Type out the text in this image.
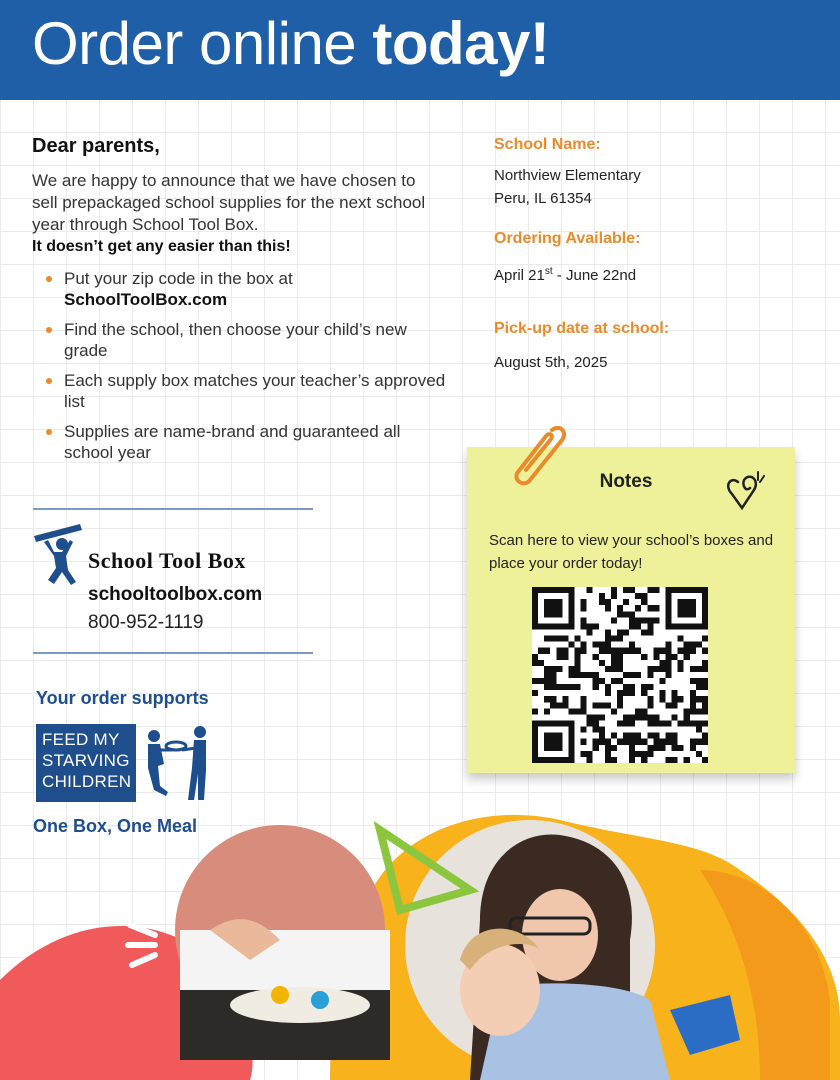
Order online today!
Dear parents,
We are happy to announce that we have chosen to sell prepackaged school supplies for the next school year through School Tool Box.
It doesn’t get any easier than this!
Put your zip code in the box at
SchoolToolBox.com
Find the school, then choose your child’s new grade
Each supply box matches your teacher’s approved list
Supplies are name-brand and guaranteed all school year
School Tool Box
schooltoolbox.com
800-952-1119
Your order supports
FEED MY
STARVING
CHILDREN
One Box, One Meal
School Name:
Northview Elementary
Peru, IL 61354
Ordering Available:
April 21st - June 22nd
Pick-up date at school:
August 5th, 2025
Notes
Scan here to view your school’s boxes and place your order today!
